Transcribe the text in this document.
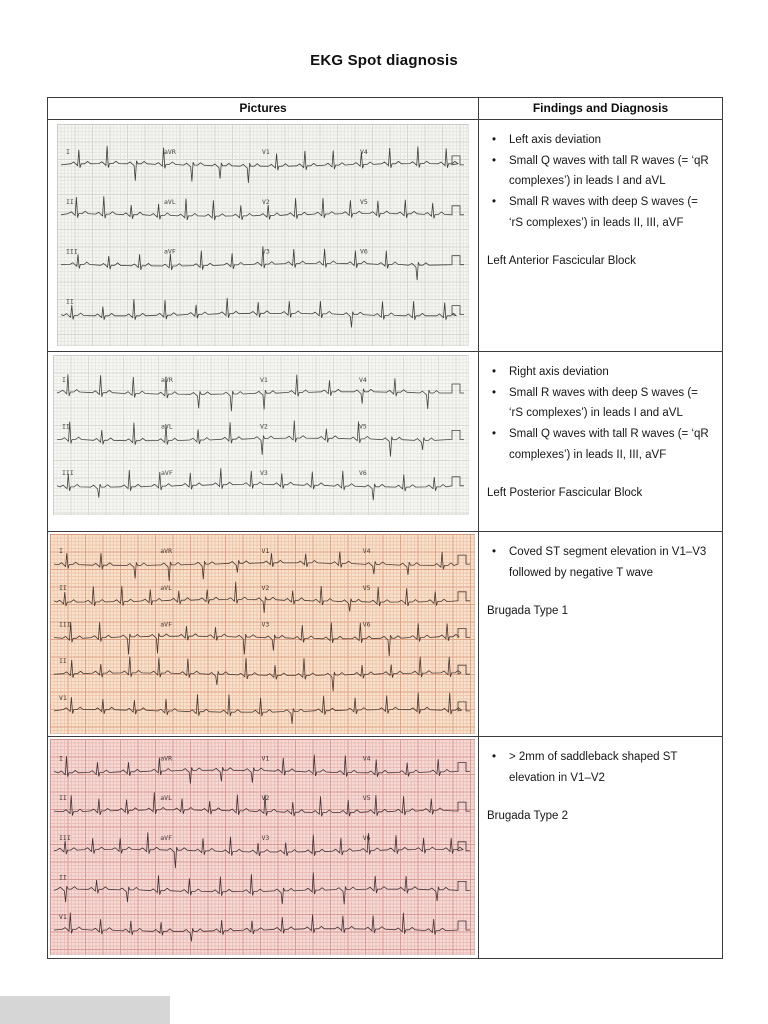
EKG Spot diagnosis
Pictures	Findings and Diagnosis
I	aVR	V1	V4
II	aVL	V2	V5
III	aVF	V3	V6
II
•
Left axis deviation
•
Small Q waves with tall R waves (= ‘qR complexes’) in leads I and aVL
•
Small R waves with deep S waves (= ‘rS complexes’) in leads II, III, aVF
Left Anterior Fascicular Block
I	aVR	V1	V4
II	aVL	V2	V5
III	aVF	V3	V6
•
Right axis deviation
•
Small R waves with deep S waves (= ‘rS complexes’) in leads I and aVL
•
Small Q waves with tall R waves (= ‘qR complexes’) in leads II, III, aVF
Left Posterior Fascicular Block
I	aVR	V1	V4
II	aVL	V2	V5
III	aVF	V3	V6
II
V1
•
Coved ST segment elevation in V1–V3 followed by negative T wave
Brugada Type 1
I	aVR	V1	V4
II	aVL	V2	V5
III	aVF	V3	V6
II
V1
•
> 2mm of saddleback shaped ST elevation in V1–V2
Brugada Type 2
